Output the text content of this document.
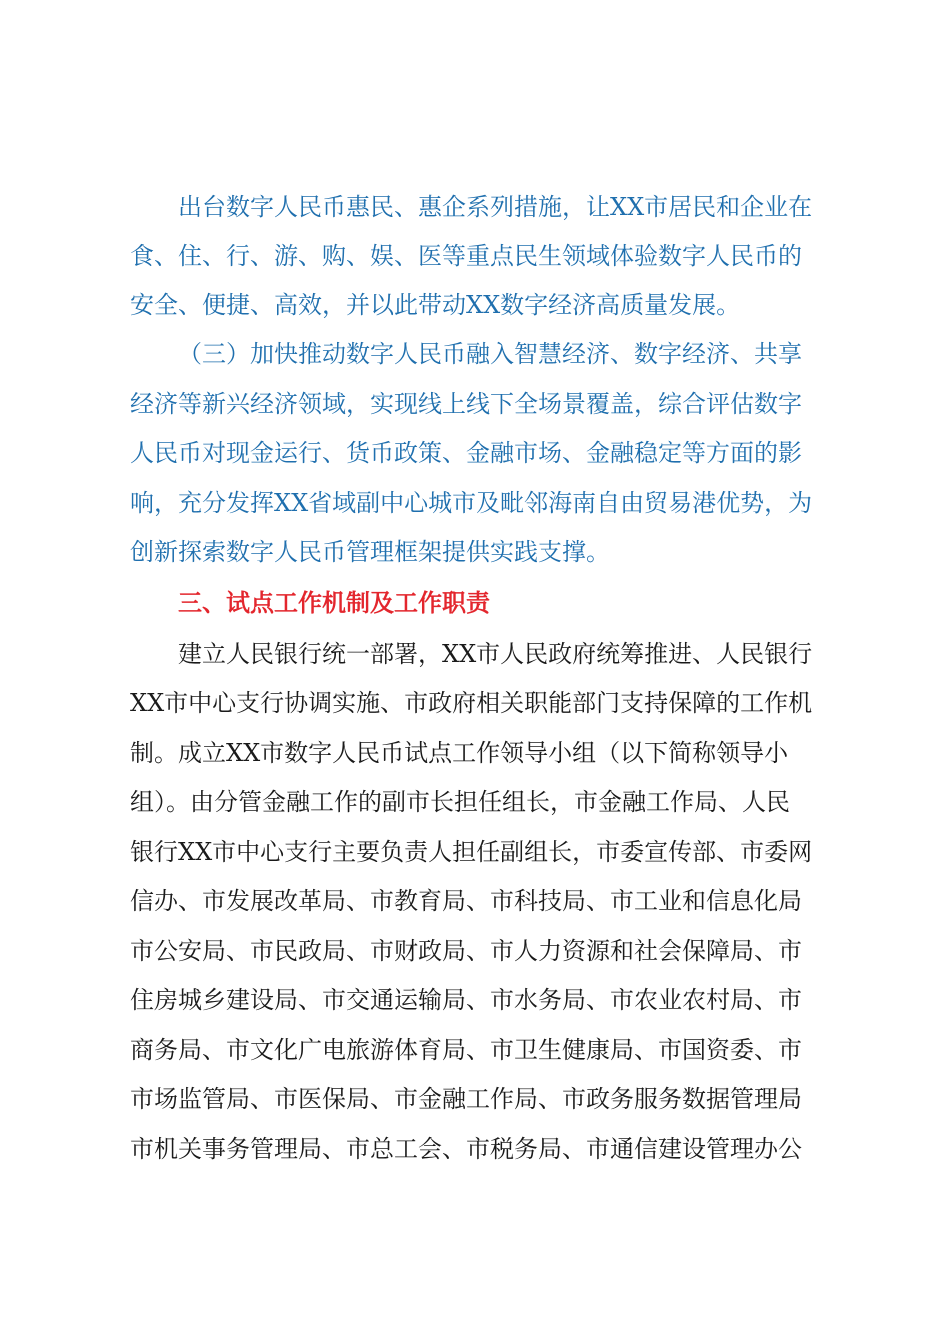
出台数字人民币惠民、惠企系列措施，让XX市居民和企业在
食、住、行、游、购、娱、医等重点民生领域体验数字人民币的
安全、便捷、高效，并以此带动XX数字经济高质量发展。
（三）加快推动数字人民币融入智慧经济、数字经济、共享
经济等新兴经济领域，实现线上线下全场景覆盖，综合评估数字
人民币对现金运行、货币政策、金融市场、金融稳定等方面的影
响，充分发挥XX省域副中心城市及毗邻海南自由贸易港优势，为
创新探索数字人民币管理框架提供实践支撑。
三、试点工作机制及工作职责
建立人民银行统一部署，XX市人民政府统筹推进、人民银行
XX市中心支行协调实施、市政府相关职能部门支持保障的工作机
制。成立XX市数字人民币试点工作领导小组（以下简称领导小
组）。由分管金融工作的副市长担任组长，市金融工作局、人民
银行XX市中心支行主要负责人担任副组长，市委宣传部、市委网
信办、市发展改革局、市教育局、市科技局、市工业和信息化局
市公安局、市民政局、市财政局、市人力资源和社会保障局、市
住房城乡建设局、市交通运输局、市水务局、市农业农村局、市
商务局、市文化广电旅游体育局、市卫生健康局、市国资委、市
市场监管局、市医保局、市金融工作局、市政务服务数据管理局
市机关事务管理局、市总工会、市税务局、市通信建设管理办公
